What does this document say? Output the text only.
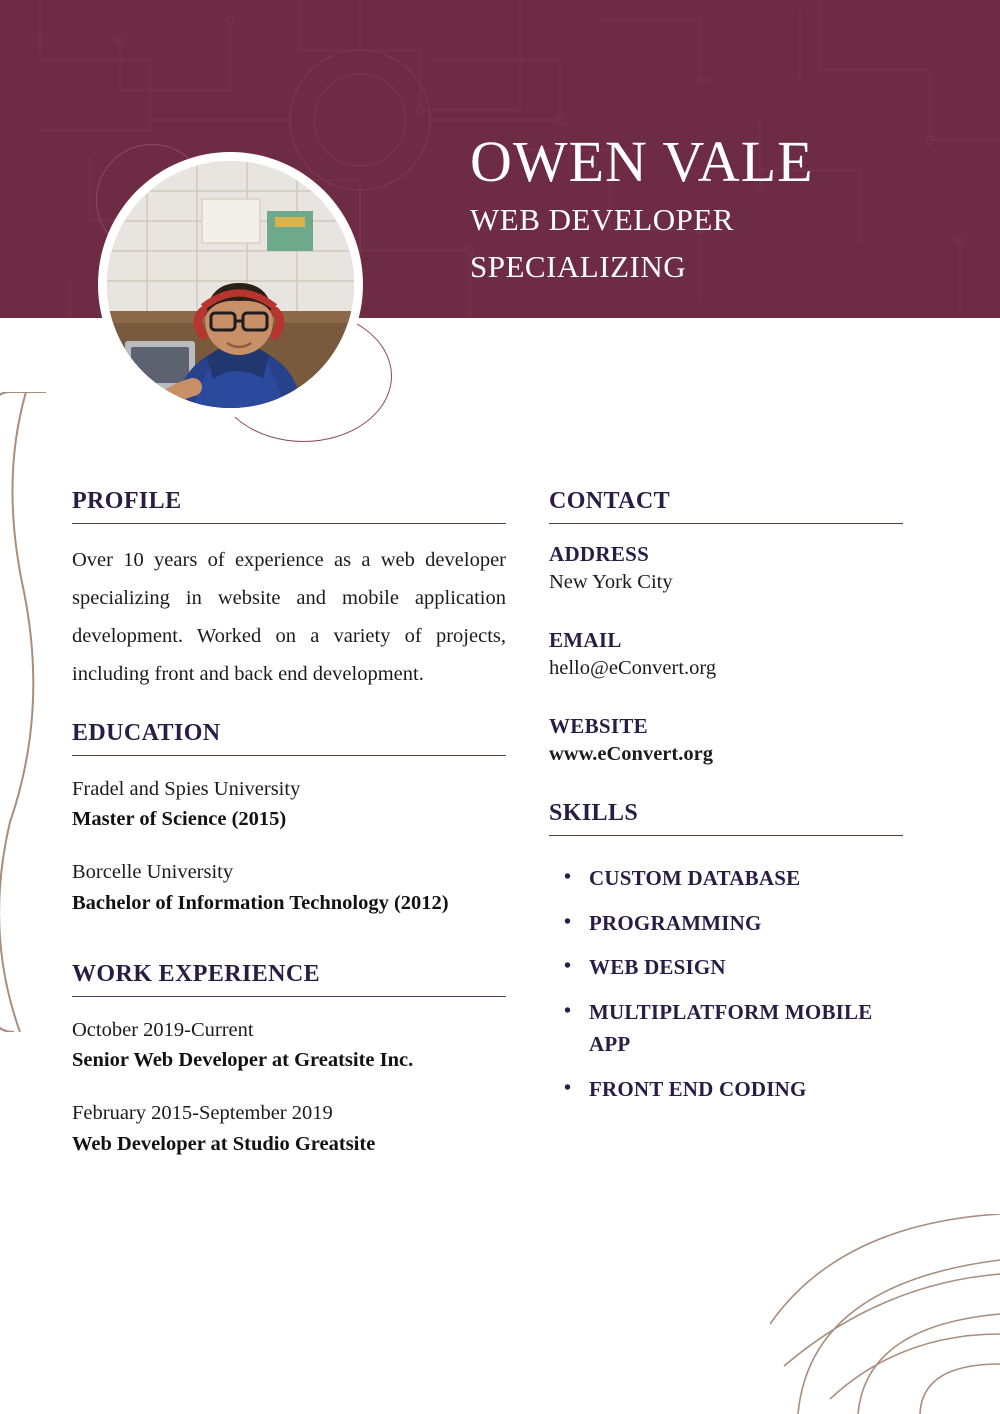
OWEN VALE
WEB DEVELOPER
SPECIALIZING
PROFILE

Over 10 years of experience as a web developer specializing in website and mobile application development. Worked on a variety of projects, including front and back end development.

EDUCATION
Fradel and Spies University
Master of Science (2015)
Borcelle University
Bachelor of Information Technology (2012)
WORK EXPERIENCE
October 2019-Current
Senior Web Developer at Greatsite Inc.
February 2015-September 2019
Web Developer at Studio Greatsite
CONTACT
ADDRESS
New York City
EMAIL
hello@eConvert.org
WEBSITE
www.eConvert.org
SKILLS
• CUSTOM DATABASE
• PROGRAMMING
• WEB DESIGN
• MULTIPLATFORM MOBILE APP
• FRONT END CODING
